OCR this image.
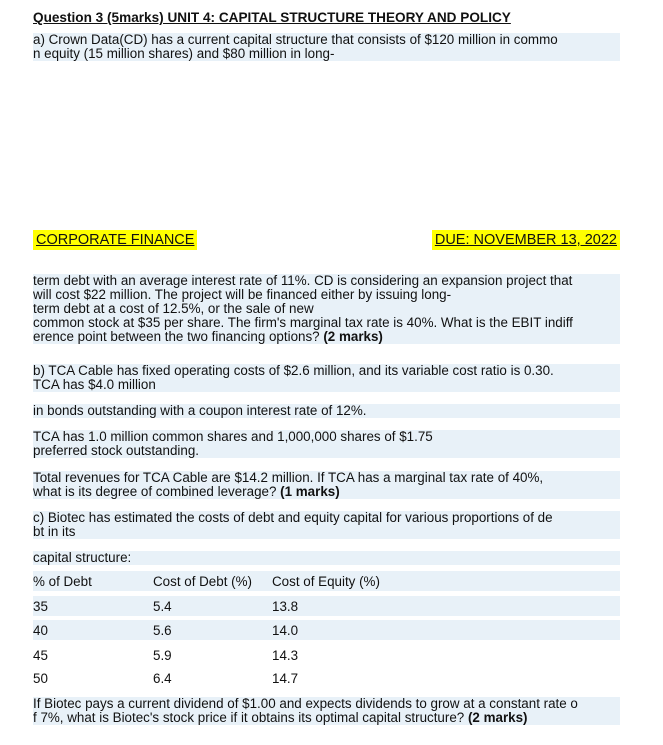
Question 3 (5marks) UNIT 4: CAPITAL STRUCTURE THEORY AND POLICY
a) Crown Data(CD) has a current capital structure that consists of $120 million in commo
n equity (15 million shares) and $80 million in long-
CORPORATE FINANCE	DUE: NOVEMBER 13, 2022
term debt with an average interest rate of 11%. CD is considering an expansion project that
will cost $22 million. The project will be financed either by issuing long-
term debt at a cost of 12.5%, or the sale of new
common stock at $35 per share. The firm's marginal tax rate is 40%. What is the EBIT indiff
erence point between the two financing options? (2 marks)
b) TCA Cable has fixed operating costs of $2.6 million, and its variable cost ratio is 0.30.
TCA has $4.0 million
in bonds outstanding with a coupon interest rate of 12%.
TCA has 1.0 million common shares and 1,000,000 shares of $1.75
preferred stock outstanding.
Total revenues for TCA Cable are $14.2 million. If TCA has a marginal tax rate of 40%,
what is its degree of combined leverage? (1 marks)
c) Biotec has estimated the costs of debt and equity capital for various proportions of de
bt in its
capital structure:
% of Debt	Cost of Debt (%)	Cost of Equity (%)
35	5.4	13.8
40	5.6	14.0
45	5.9	14.3
50	6.4	14.7
If Biotec pays a current dividend of $1.00 and expects dividends to grow at a constant rate o
f 7%, what is Biotec's stock price if it obtains its optimal capital structure? (2 marks)
